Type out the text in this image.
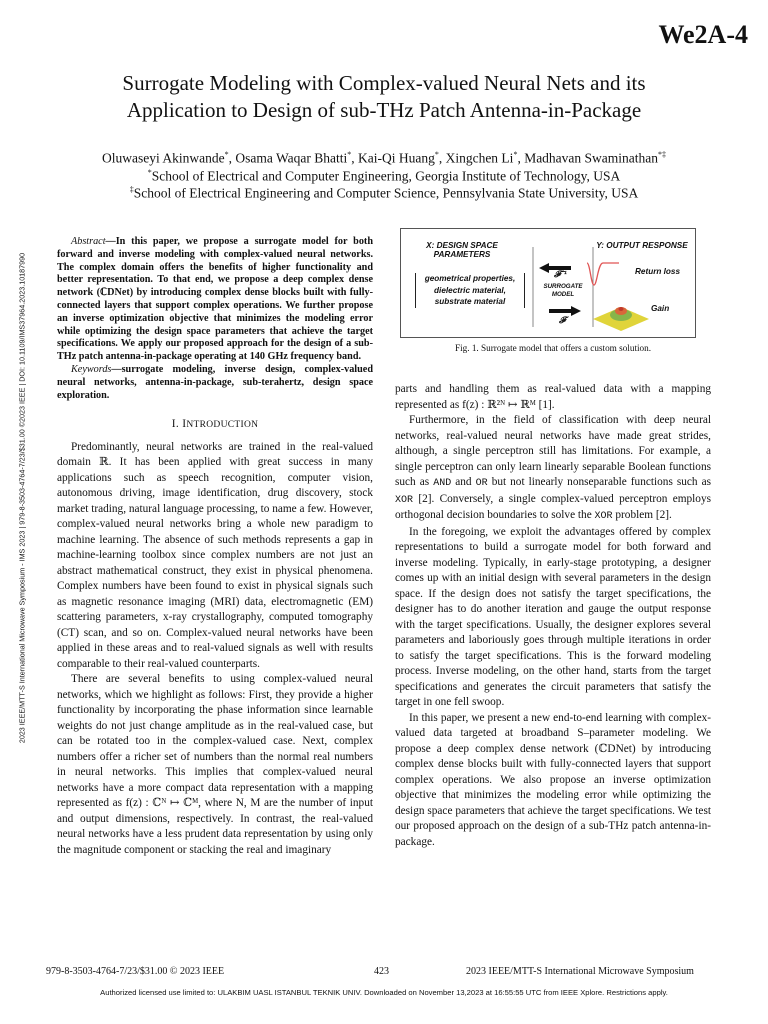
We2A-4
Surrogate Modeling with Complex-valued Neural Nets and its
Application to Design of sub-THz Patch Antenna-in-Package
Oluwaseyi Akinwande*, Osama Waqar Bhatti*, Kai-Qi Huang*, Xingchen Li*, Madhavan Swaminathan*‡
*School of Electrical and Computer Engineering, Georgia Institute of Technology, USA
‡School of Electrical Engineering and Computer Science, Pennsylvania State University, USA
2023 IEEE/MTT-S International Microwave Symposium - IMS 2023 | 979-8-3503-4764-7/23/$31.00 ©2023 IEEE | DOI: 10.1109/IMS37964.2023.10187990

Abstract—In this paper, we propose a surrogate model for both forward and inverse modeling with complex-valued neural networks. The complex domain offers the benefits of higher functionality and better representation. To that end, we propose a deep complex dense network (ℂDNet) by introducing complex dense blocks built with fully-connected layers that support complex operations. We further propose an inverse optimization objective that minimizes the modeling error while optimizing the design space parameters that achieve the target specifications. We apply our proposed approach for the design of a sub-THz patch antenna-in-package operating at 140 GHz frequency band.

Keywords—surrogate modeling, inverse design, complex-valued neural networks, antenna-in-package, sub-terahertz, design space exploration.

I. INTRODUCTION

Predominantly, neural networks are trained in the real-valued domain ℝ. It has been applied with great success in many applications such as speech recognition, computer vision, autonomous driving, image identification, drug discovery, stock market trading, natural language processing, to name a few. However, complex-valued neural networks bring a whole new paradigm to machine learning. The absence of such methods represents a gap in machine-learning toolbox since complex numbers are not just an abstract mathematical construct, they exist in physical phenomena. Complex numbers have been found to exist in physical signals such as magnetic resonance imaging (MRI) data, electromagnetic (EM) scattering parameters, x-ray crystallography, computed tomography (CT) scan, and so on. Complex-valued neural networks have been applied in these areas and to real-valued signals as well with results comparable to their real-valued counterparts.

There are several benefits to using complex-valued neural networks, which we highlight as follows: First, they provide a higher functionality by incorporating the phase information since learnable weights do not just change amplitude as in the real-valued case, but can be rotated too in the complex-valued case. Next, complex numbers offer a richer set of numbers than the normal real numbers in neural networks. This implies that complex-valued neural networks have a more compact data representation with a mapping represented as f(z) : ℂᴺ ↦ ℂᴹ, where N, M are the number of input and output dimensions, respectively. In contrast, the real-valued neural networks have a less prudent data representation by using only the magnitude component or stacking the real and imaginary

X: DESIGN SPACE
PARAMETERS
geometrical properties,
dielectric material,
substrate material
𝓕⁻¹
SURROGATE
MODEL
𝓕
Y: OUTPUT RESPONSE
Return loss
Gain
Fig. 1. Surrogate model that offers a custom solution.

parts and handling them as real-valued data with a mapping represented as f(z) : ℝ²ᴺ ↦ ℝᴹ [1].

Furthermore, in the field of classification with deep neural networks, real-valued neural networks have made great strides, although, a single perceptron still has limitations. For example, a single perceptron can only learn linearly separable Boolean functions such as AND and OR but not linearly nonseparable functions such as XOR [2]. Conversely, a single complex-valued perceptron employs orthogonal decision boundaries to solve the XOR problem [2].

In the foregoing, we exploit the advantages offered by complex representations to build a surrogate model for both forward and inverse modeling. Typically, in early-stage prototyping, a designer comes up with an initial design with several parameters in the design space. If the design does not satisfy the target specifications, the designer has to do another iteration and gauge the output response with the target specifications. Usually, the designer explores several parameters and laboriously goes through multiple iterations in order to satisfy the target specifications. This is the forward modeling process. Inverse modeling, on the other hand, starts from the target specifications and generates the circuit parameters that satisfy the target in one fell swoop.

In this paper, we present a new end-to-end learning with complex-valued data targeted at broadband S–parameter modeling. We propose a deep complex dense network (ℂDNet) by introducing complex dense blocks built with fully-connected layers that support complex operations. We also propose an inverse optimization objective that minimizes the modeling error while optimizing the design space parameters that achieve the target specifications. We test our proposed approach on the design of a sub-THz patch antenna-in-package.

979-8-3503-4764-7/23/$31.00 © 2023 IEEE	423	2023 IEEE/MTT-S International Microwave Symposium
Authorized licensed use limited to: ULAKBIM UASL ISTANBUL TEKNIK UNIV. Downloaded on November 13,2023 at 16:55:55 UTC from IEEE Xplore. Restrictions apply.
